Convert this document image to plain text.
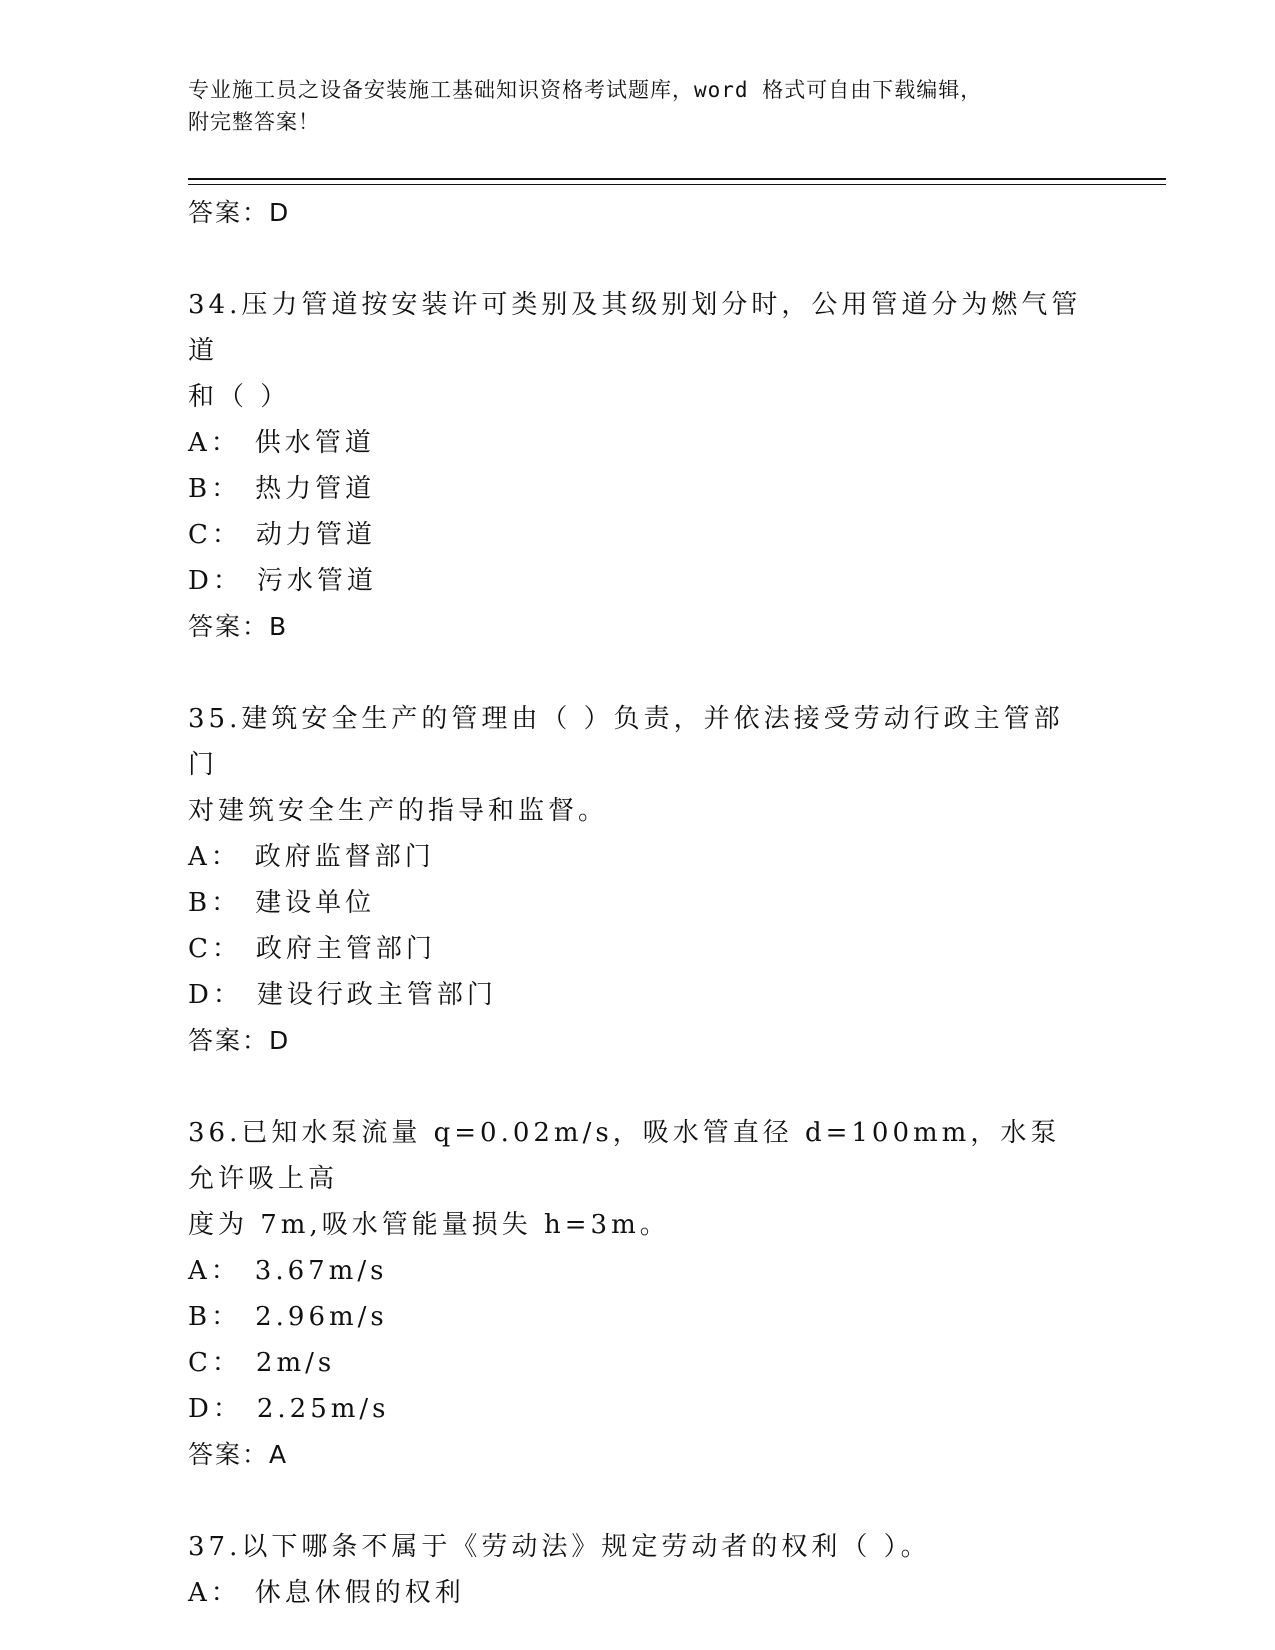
专业施工员之设备安装施工基础知识资格考试题库，word 格式可自由下载编辑，
附完整答案！
答案：D
34.压力管道按安装许可类别及其级别划分时，公用管道分为燃气管道
和（ ）
A： 供水管道
B： 热力管道
C： 动力管道
D： 污水管道
答案：B
35.建筑安全生产的管理由（ ）负责，并依法接受劳动行政主管部门
对建筑安全生产的指导和监督。
A： 政府监督部门
B： 建设单位
C： 政府主管部门
D： 建设行政主管部门
答案：D
36.已知水泵流量 q=0.02m/s，吸水管直径 d=100mm，水泵允许吸上高
度为 7m,吸水管能量损失 h=3m。
A： 3.67m/s
B： 2.96m/s
C： 2m/s
D： 2.25m/s
答案：A
37.以下哪条不属于《劳动法》规定劳动者的权利（ ）。
A： 休息休假的权利
